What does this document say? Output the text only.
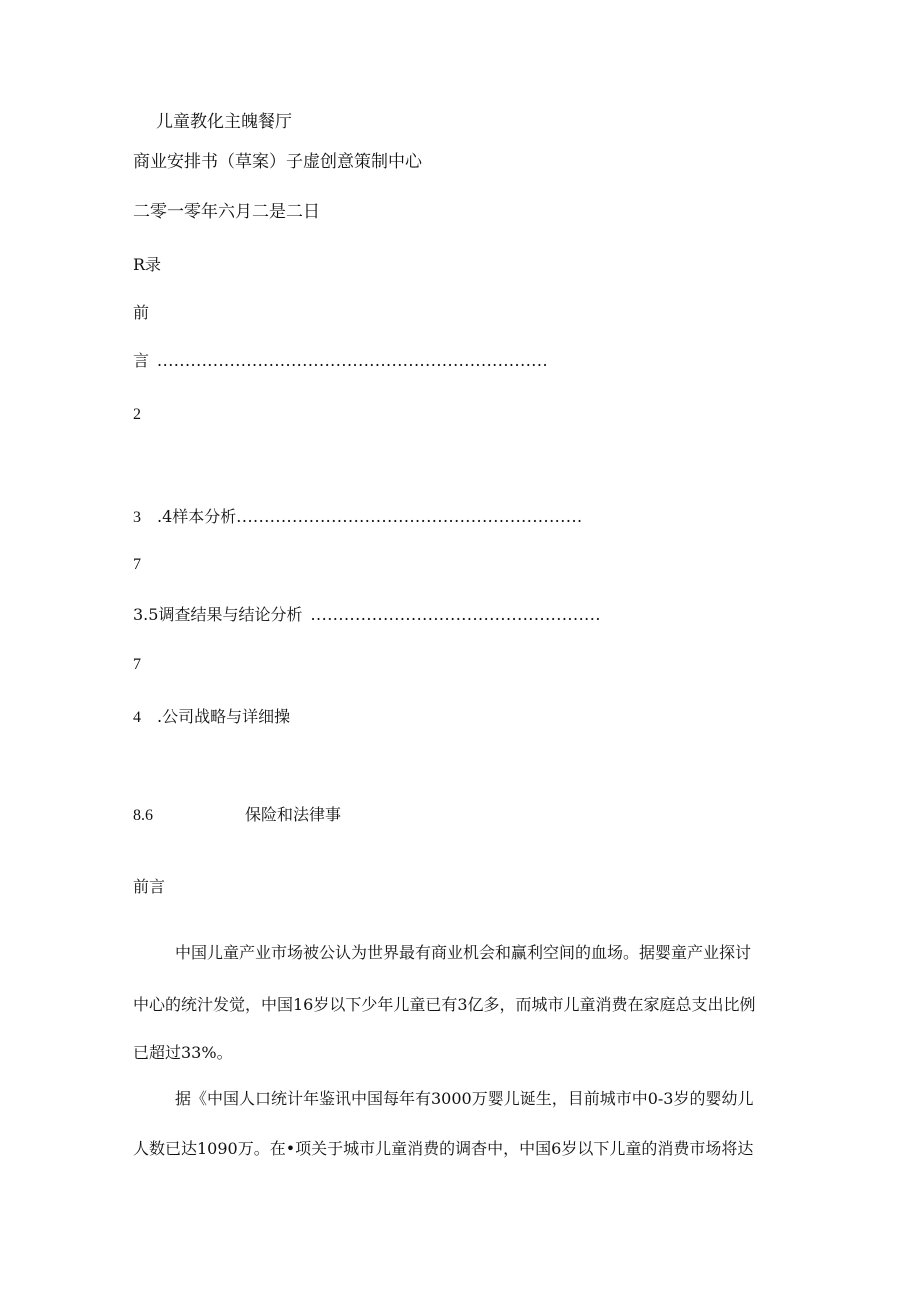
儿童教化主魄餐厅
商业安排书（草案）子虚创意策制中心
二零一零年六月二是二日
R录
前
言 ......................................................................
2
3 .4样本分析 ..............................................................
7
3.5调查结果与结论分析 ....................................................
7
4 .公司战略与详细操
8.6	保险和法律事
前言
中国儿童产业市场被公认为世界最有商业机会和赢利空间的血场。据婴童产业探讨
中心的统汁发觉，中国16岁以下少年儿童已有3亿多，而城市儿童消费在家庭总支出比例
已超过33%。
据《中国人口统计年鉴讯中国每年有3000万婴儿诞生，目前城市中0-3岁的婴幼儿
人数已达1090万。在•项关于城市儿童消费的调杳中，中国6岁以下儿童的消费市场将达
